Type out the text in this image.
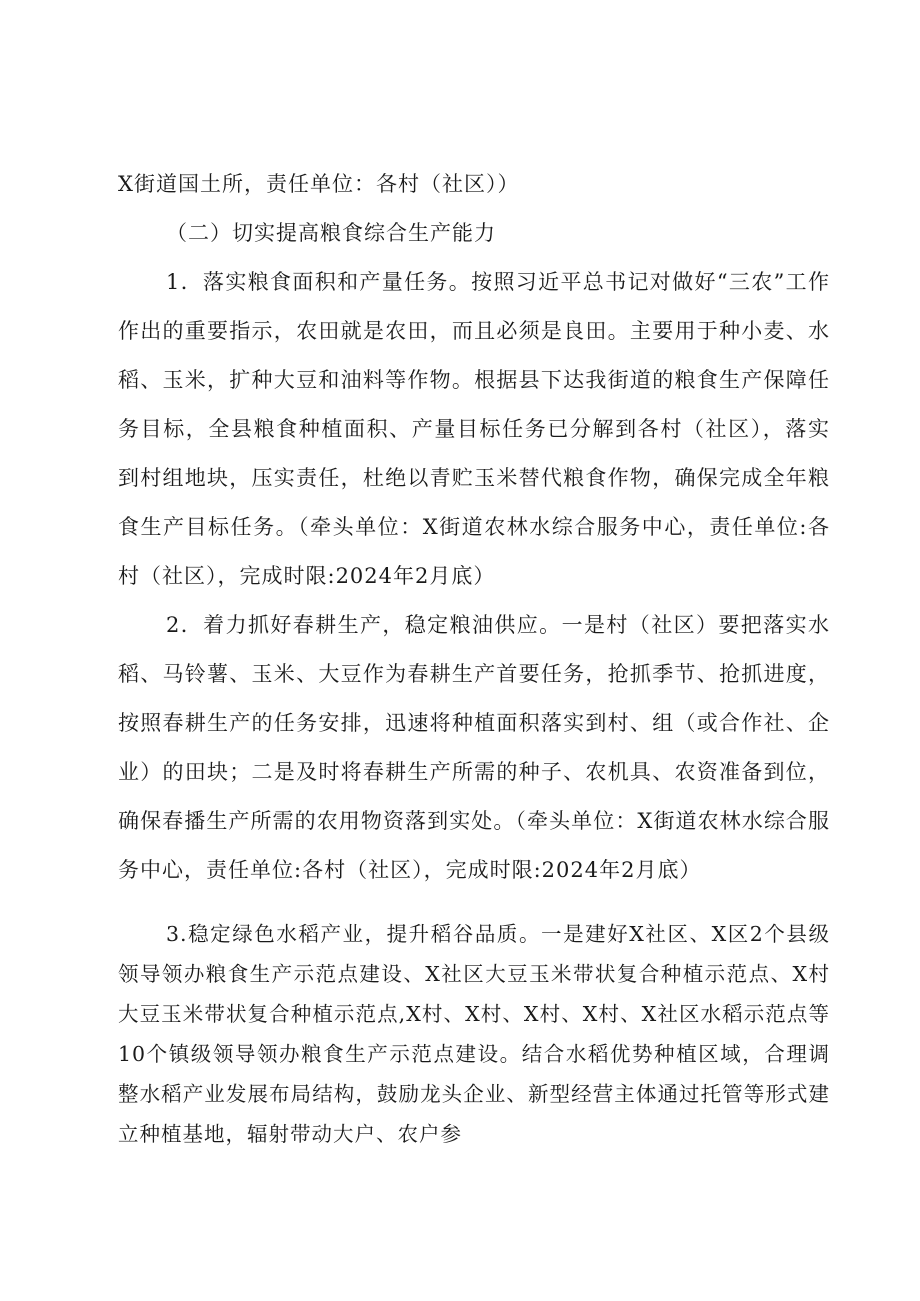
X街道国土所，责任单位：各村（社区））

（二）切实提高粮食综合生产能力

1．落实粮食面积和产量任务。按照习近平总书记对做好“三农”工作作出的重要指示，农田就是农田，而且必须是良田。主要用于种小麦、水稻、玉米，扩种大豆和油料等作物。根据县下达我街道的粮食生产保障任务目标，全县粮食种植面积、产量目标任务已分解到各村（社区），落实到村组地块，压实责任，杜绝以青贮玉米替代粮食作物，确保完成全年粮食生产目标任务。（牵头单位：X街道农林水综合服务中心，责任单位:各村（社区），完成时限:2024年2月底）

2．着力抓好春耕生产，稳定粮油供应。一是村（社区）要把落实水稻、马铃薯、玉米、大豆作为春耕生产首要任务，抢抓季节、抢抓进度，按照春耕生产的任务安排，迅速将种植面积落实到村、组（或合作社、企业）的田块；二是及时将春耕生产所需的种子、农机具、农资准备到位，确保春播生产所需的农用物资落到实处。（牵头单位：X街道农林水综合服务中心，责任单位:各村（社区），完成时限:2024年2月底）

3.稳定绿色水稻产业，提升稻谷品质。一是建好X社区、X区2个县级领导领办粮食生产示范点建设、X社区大豆玉米带状复合种植示范点、X村大豆玉米带状复合种植示范点,X村、X村、X村、X村、X社区水稻示范点等10个镇级领导领办粮食生产示范点建设。结合水稻优势种植区域，合理调整水稻产业发展布局结构，鼓励龙头企业、新型经营主体通过托管等形式建立种植基地，辐射带动大户、农户参
